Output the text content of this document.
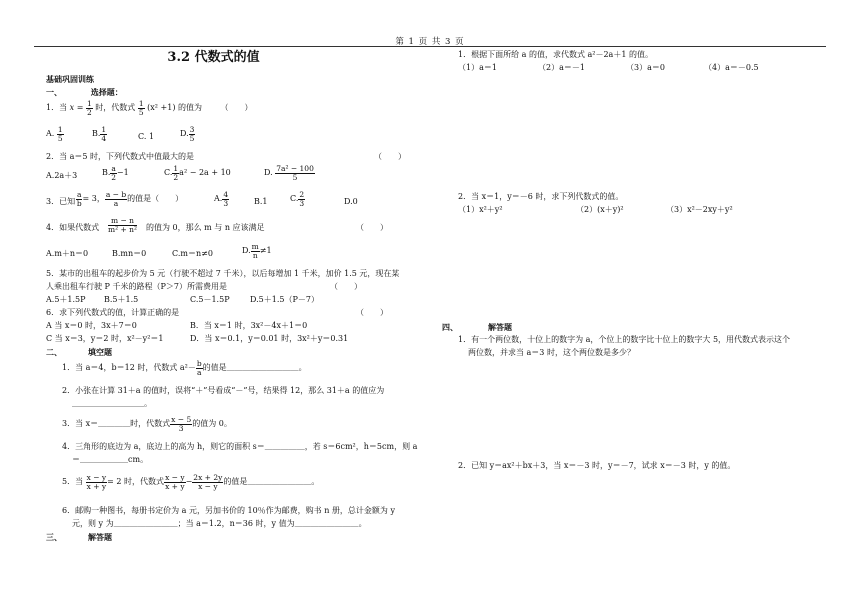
第 1 页 共 3 页
3.2 代数式的值
基础巩固训练
一、	选择题：
1．当 $x = \frac{1}{2}$ 时，代数式 $\frac{1}{5} (x^2 +1)$ 的值为 （　　）
A. $\frac{1}{5}$	B. $\frac{1}{4}$	C. 1	D. $\frac{3}{5}$
2．当 a＝5 时，下列代数式中值最大的是	（　　）
A.2a＋3	B. $\frac{a}{2} -1$	C. $\frac{1}{2} a^2 - 2a + 10$	D. $\frac{\text{7a² − 100}}{5}$
3．已知 $\frac{a}{b} = 3$， $\frac{a - b}{a}$ 的值是（　　）	A. $\frac{4}{3}$	B.1	C. $\frac{2}{3}$	D.0
4．如果代数式 $\frac{m - n}{\text{m² + n²}}$ 的值为 0，那么 m 与 n 应该满足	（　　）
A.m＋n＝0	B.mn＝0	C.m＝n≠0	D. $\frac{m}{n} \ne 1$
5．某市的出租车的起步价为 5 元（行驶不超过 7 千米），以后每增加 1 千米，加价 1.5 元，现在某
人乘出租车行驶 P 千米的路程（P＞7）所需费用是	（　　）
A.5＋1.5P B.5＋1.5	C.5－1.5P	D.5＋1.5（P－7）
6．求下列代数式的值，计算正确的是	（　　）
A 当 x＝0 时，3x＋7＝0	B．当 x＝1 时，3x²－4x＋1＝0
C 当 x＝3，y＝2 时，x²－y²＝1	D．当 x＝0.1，y＝0.01 时，3x²＋y＝0.31
二、	填空题
1．当 a＝4，b＝12 时，代数式 $a^2- \frac{b}{a}$ 的值是＿＿＿＿＿＿＿＿＿。
2．小张在计算 31＋a 的值时，误将“＋”号看成“－”号，结果得 12，那么 31＋a 的值应为
＿＿＿＿＿＿＿＿＿。
3．当 x＝＿＿＿＿时，代数式 $\frac{x - 5}{3}$ 的值为 0。
4．三角形的底边为 a，底边上的高为 h，则它的面积 s＝＿＿＿＿＿，若 s＝6cm²，h＝5cm，则 a
＝＿＿＿＿＿＿cm。
5．当 $\frac{x - y}{x + y} = 2$ 时，代数式 $\frac{x - y}{x + y} - \frac{2x + 2y}{x - y}$ 的值是＿＿＿＿＿＿＿＿。
6．邮购一种图书，每册书定价为 a 元，另加书价的 10％作为邮费，购书 n 册，总计金额为 y
元，则 y 为＿＿＿＿＿＿＿＿；当 a＝1.2，n＝36 时，y 值为＿＿＿＿＿＿＿＿。
三、	解答题
1．根据下面所给 a 的值，求代数式 a²－2a＋1 的值。
（1）a＝1	（2）a＝－1	（3）a＝0	（4）a＝－0.5
2．当 x＝1，y＝－6 时，求下列代数式的值。
（1）x²＋y²	（2）(x＋y)²	（3）x²－2xy＋y²
四、	解答题
1．有一个两位数，十位上的数字为 a，个位上的数字比十位上的数字大 5，用代数式表示这个
两位数，并求当 a＝3 时，这个两位数是多少？
2．已知 y＝ax²＋bx＋3，当 x＝－3 时，y＝－7，试求 x＝－3 时，y 的值。
